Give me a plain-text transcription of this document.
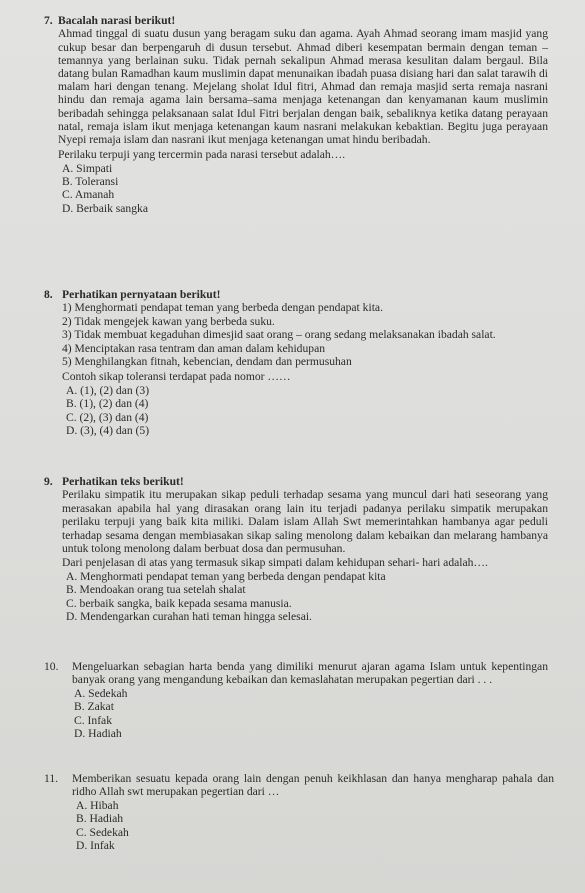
7. Bacalah narasi berikut!

Ahmad tinggal di suatu dusun yang beragam suku dan agama. Ayah Ahmad seorang imam masjid yang cukup besar dan berpengaruh di dusun tersebut. Ahmad diberi kesempatan bermain dengan teman – temannya yang berlainan suku. Tidak pernah sekalipun Ahmad merasa kesulitan dalam bergaul. Bila datang bulan Ramadhan kaum muslimin dapat menunaikan ibadah puasa disiang hari dan salat tarawih di malam hari dengan tenang. Mejelang sholat Idul fitri, Ahmad dan remaja masjid serta remaja nasrani hindu dan remaja agama lain bersama–sama menjaga ketenangan dan kenyamanan kaum muslimin beribadah sehingga pelaksanaan salat Idul Fitri berjalan dengan baik, sebaliknya ketika datang perayaan natal, remaja islam ikut menjaga ketenangan kaum nasrani melakukan kebaktian. Begitu juga perayaan Nyepi remaja islam dan nasrani ikut menjaga ketenangan umat hindu beribadah.

Perilaku terpuji yang tercermin pada narasi tersebut adalah….
A. Simpati
B. Toleransi
C. Amanah
D. Berbaik sangka
8. Perhatikan pernyataan berikut!
1) Menghormati pendapat teman yang berbeda dengan pendapat kita.
2) Tidak mengejek kawan yang berbeda suku.
3) Tidak membuat kegaduhan dimesjid saat orang – orang sedang melaksanakan ibadah salat.
4) Menciptakan rasa tentram dan aman dalam kehidupan
5) Menghilangkan fitnah, kebencian, dendam dan permusuhan
Contoh sikap toleransi terdapat pada nomor ……
A. (1), (2) dan (3)
B. (1), (2) dan (4)
C. (2), (3) dan (4)
D. (3), (4) dan (5)
9. Perhatikan teks berikut!

Perilaku simpatik itu merupakan sikap peduli terhadap sesama yang muncul dari hati seseorang yang merasakan apabila hal yang dirasakan orang lain itu terjadi padanya perilaku simpatik merupakan perilaku terpuji yang baik kita miliki. Dalam islam Allah Swt memerintahkan hambanya agar peduli terhadap sesama dengan membiasakan sikap saling menolong dalam kebaikan dan melarang hambanya untuk tolong menolong dalam berbuat dosa dan permusuhan.

Dari penjelasan di atas yang termasuk sikap simpati dalam kehidupan sehari- hari adalah….
A. Menghormati pendapat teman yang berbeda dengan pendapat kita
B. Mendoakan orang tua setelah shalat
C. berbaik sangka, baik kepada sesama manusia.
D. Mendengarkan curahan hati teman hingga selesai.
10. Mengeluarkan sebagian harta benda yang dimiliki menurut ajaran agama Islam untuk kepentingan banyak orang yang mengandung kebaikan dan kemaslahatan merupakan pegertian dari . . .

A. Sedekah
B. Zakat
C. Infak
D. Hadiah
11. Memberikan sesuatu kepada orang lain dengan penuh keikhlasan dan hanya mengharap pahala dan ridho Allah swt merupakan pegertian dari …

A. Hibah
B. Hadiah
C. Sedekah
D. Infak
